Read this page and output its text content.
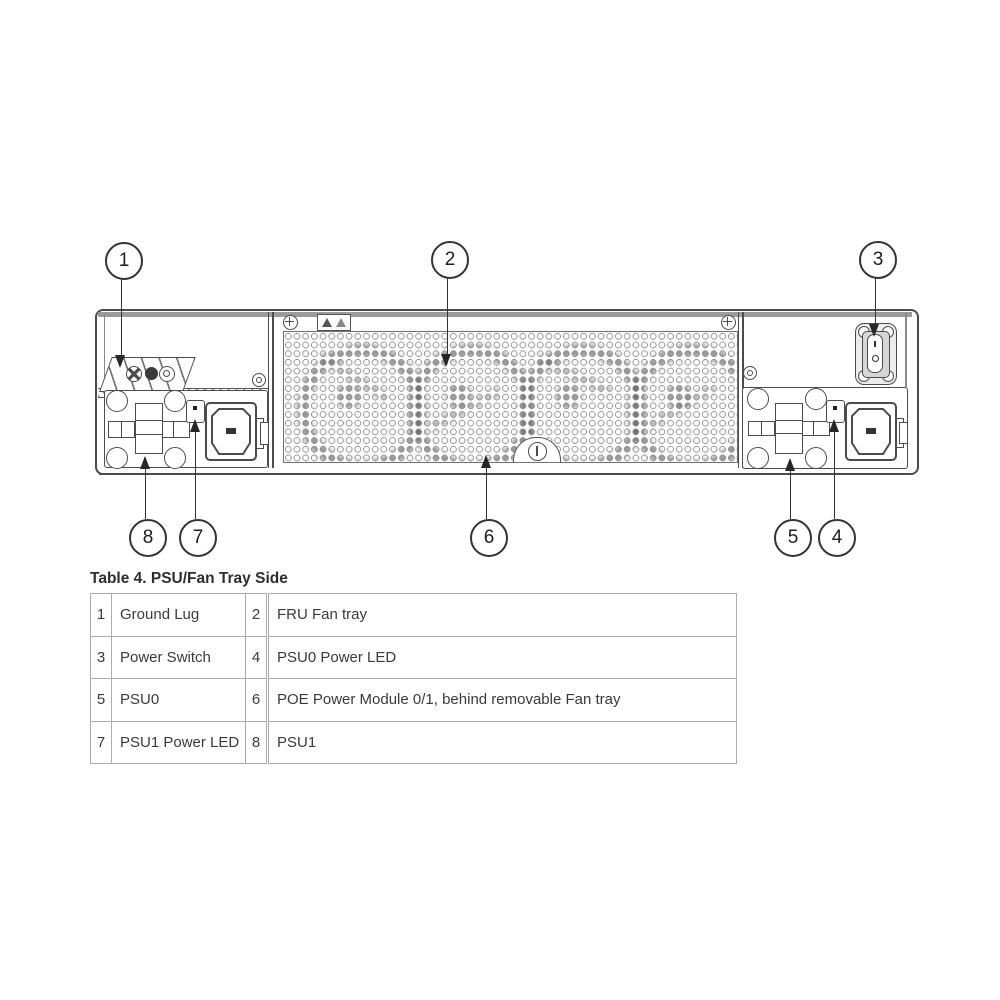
1	2	3
8 7	6	5 4
Table 4. PSU/Fan Tray Side
1	Ground Lug	2	FRU Fan tray
3	Power Switch	4	PSU0 Power LED
5	PSU0	6	POE Power Module 0/1, behind removable Fan tray
7	PSU1 Power LED	8	PSU1
